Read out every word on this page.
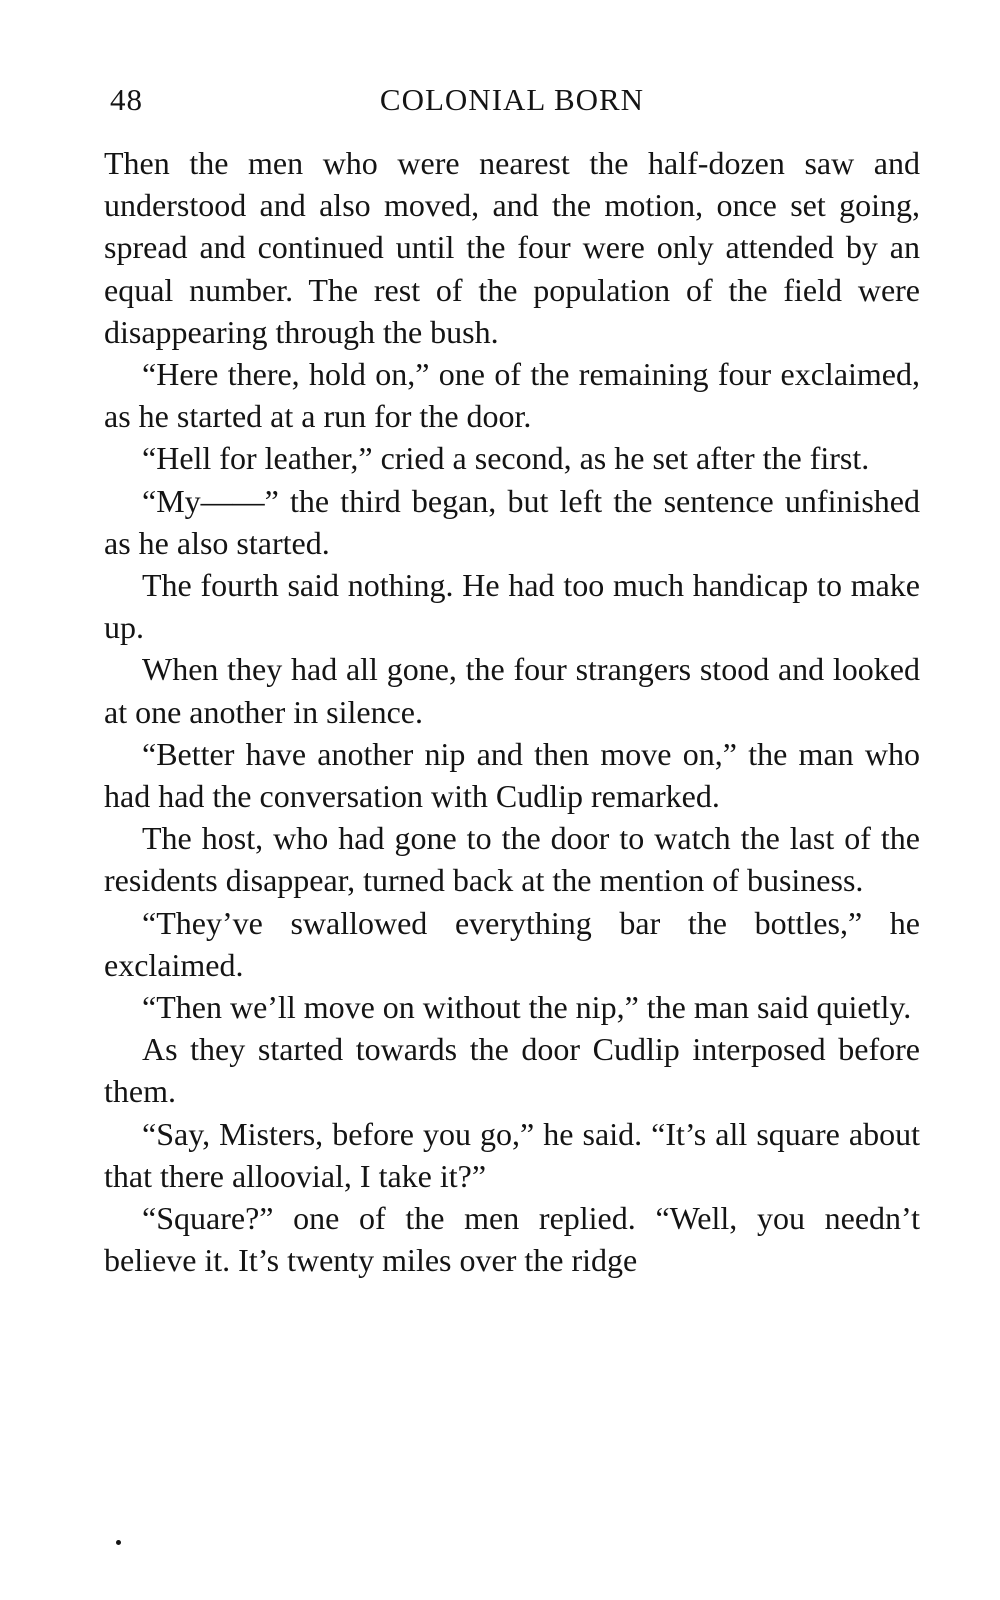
48	COLONIAL BORN

Then the men who were nearest the half-dozen saw and understood and also moved, and the motion, once set going, spread and continued until the four were only attended by an equal number. The rest of the population of the field were disappearing through the bush.

“Here there, hold on,” one of the remaining four exclaimed, as he started at a run for the door.

“Hell for leather,” cried a second, as he set after the first.

“My——” the third began, but left the sentence unfinished as he also started.

The fourth said nothing. He had too much handicap to make up.

When they had all gone, the four strangers stood and looked at one another in silence.

“Better have another nip and then move on,” the man who had had the conversation with Cudlip remarked.

The host, who had gone to the door to watch the last of the residents disappear, turned back at the mention of business.

“They’ve swallowed everything bar the bottles,” he exclaimed.

“Then we’ll move on without the nip,” the man said quietly.

As they started towards the door Cudlip interposed before them.

“Say, Misters, before you go,” he said. “It’s all square about that there alloovial, I take it?”

“Square?” one of the men replied. “Well, you needn’t believe it. It’s twenty miles over the ridge
